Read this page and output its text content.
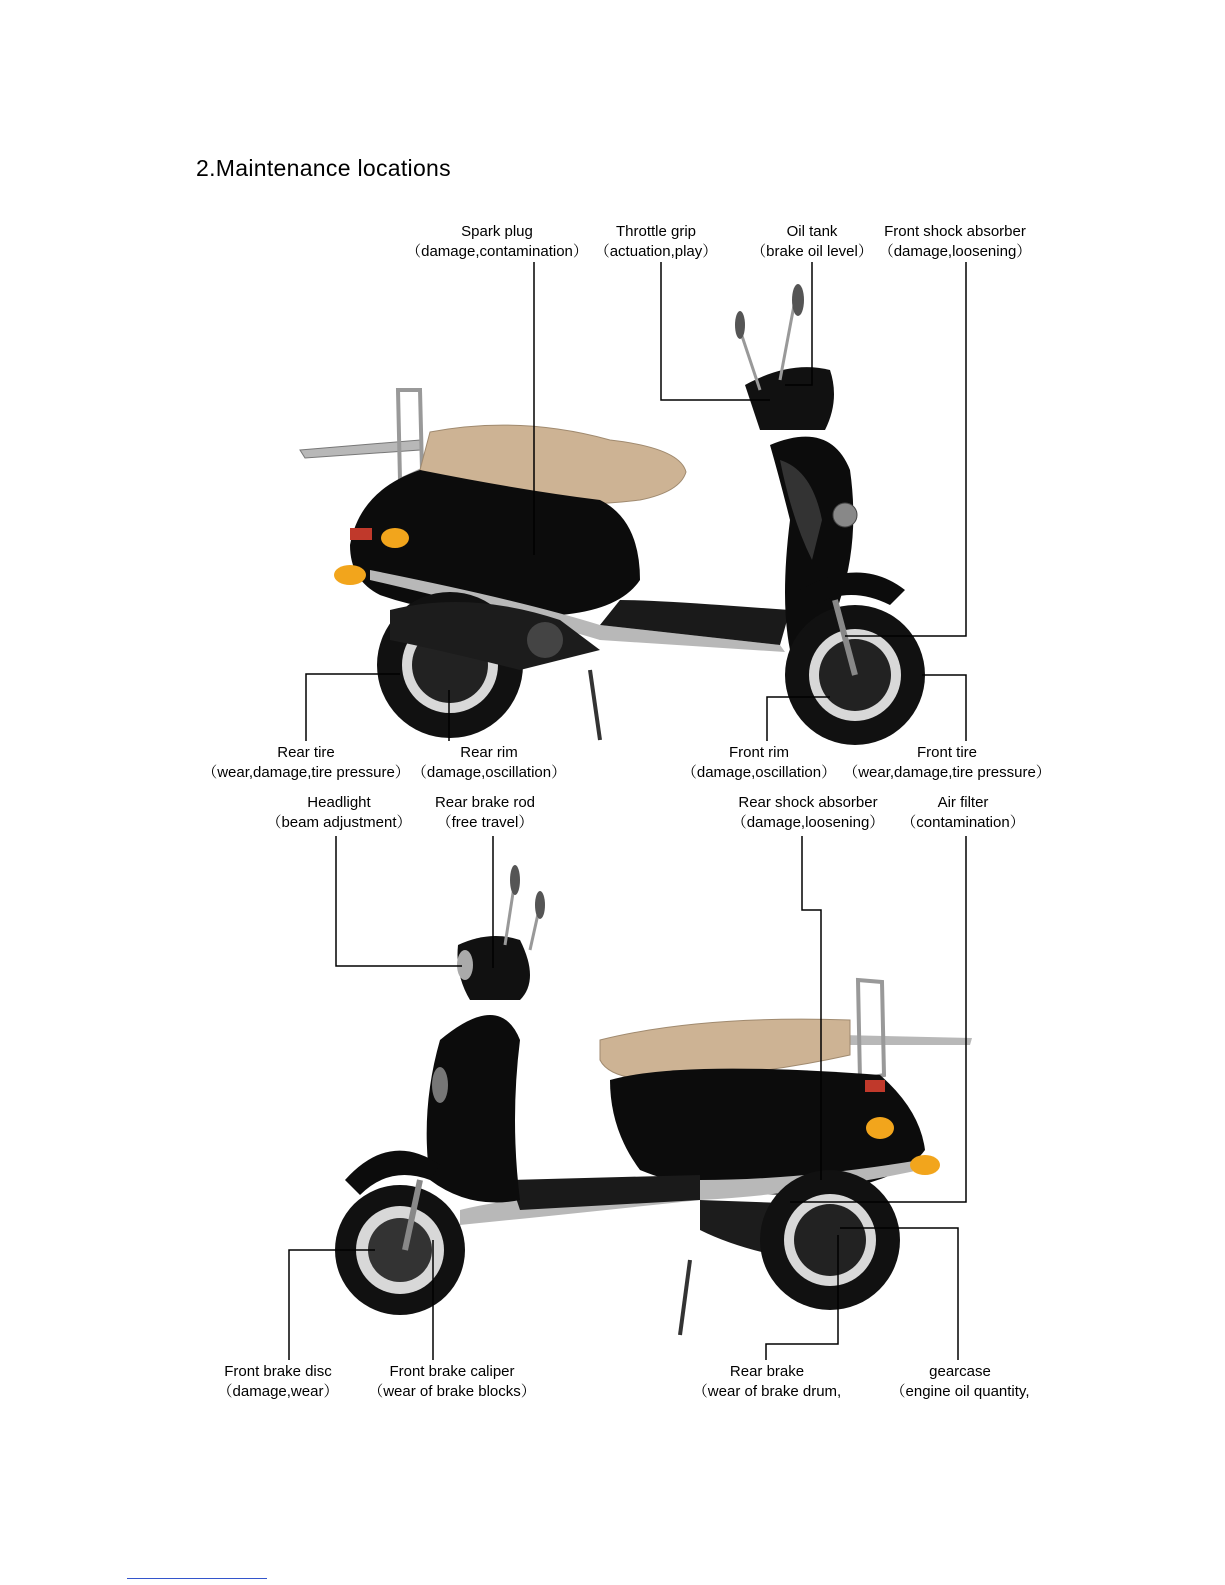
2.Maintenance locations
Spark plug
（damage,contamination）
Throttle grip
（actuation,play）
Oil tank
（brake oil level）
Front shock absorber
（damage,loosening）
Rear tire
（wear,damage,tire pressure）
Rear rim
（damage,oscillation）
Front rim
（damage,oscillation）
Front tire
（wear,damage,tire pressure）
Headlight
（beam adjustment）
Rear brake rod
（free travel）
Rear shock absorber
（damage,loosening）
Air filter
（contamination）
Front brake disc
（damage,wear）
Front brake caliper
（wear of brake blocks）
Rear brake
（wear of brake drum,
gearcase
（engine oil quantity,
